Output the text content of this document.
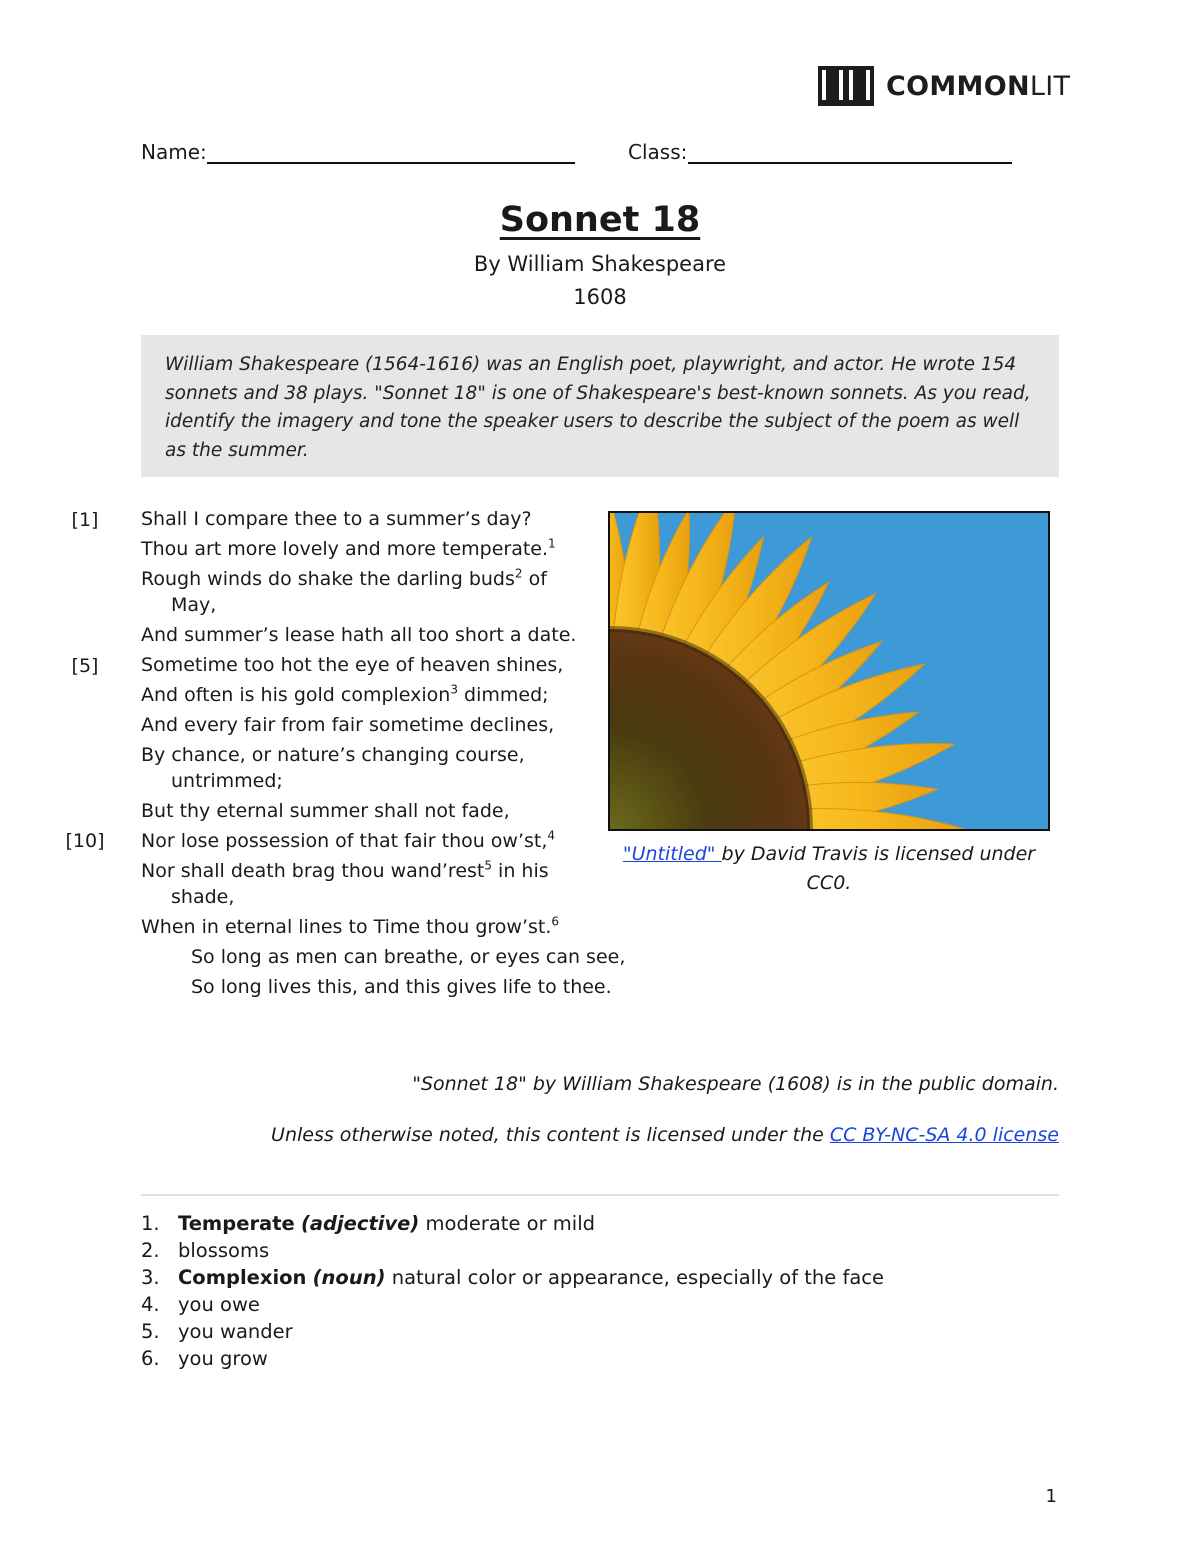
COMMONLIT
Name:	Class:
Sonnet 18
By William Shakespeare
1608
William Shakespeare (1564-1616) was an English poet, playwright, and actor. He wrote 154 sonnets and 38 plays. "Sonnet 18" is one of Shakespeare's best-known sonnets. As you read, identify the imagery and tone the speaker users to describe the subject of the poem as well as the summer.
[1]
[5]
[10]
Shall I compare thee to a summer’s day?
Thou art more lovely and more temperate.$^1$
Rough winds do shake the darling buds$^2$ of
May,
And summer’s lease hath all too short a date.
Sometime too hot the eye of heaven shines,
And often is his gold complexion$^3$ dimmed;
And every fair from fair sometime declines,
By chance, or nature’s changing course,
untrimmed;
But thy eternal summer shall not fade,
Nor lose possession of that fair thou ow’st,$^4$
Nor shall death brag thou wand’rest$^5$ in his
shade,
When in eternal lines to Time thou grow’st.$^6$
So long as men can breathe, or eyes can see,
So long lives this, and this gives life to thee.
"Untitled" by David Travis is licensed under CC0.
"Sonnet 18" by William Shakespeare (1608) is in the public domain.
Unless otherwise noted, this content is licensed under the CC BY-NC-SA 4.0 license
1. Temperate (adjective) moderate or mild
2. blossoms
3. Complexion (noun) natural color or appearance, especially of the face
4. you owe
5. you wander
6. you grow
1
